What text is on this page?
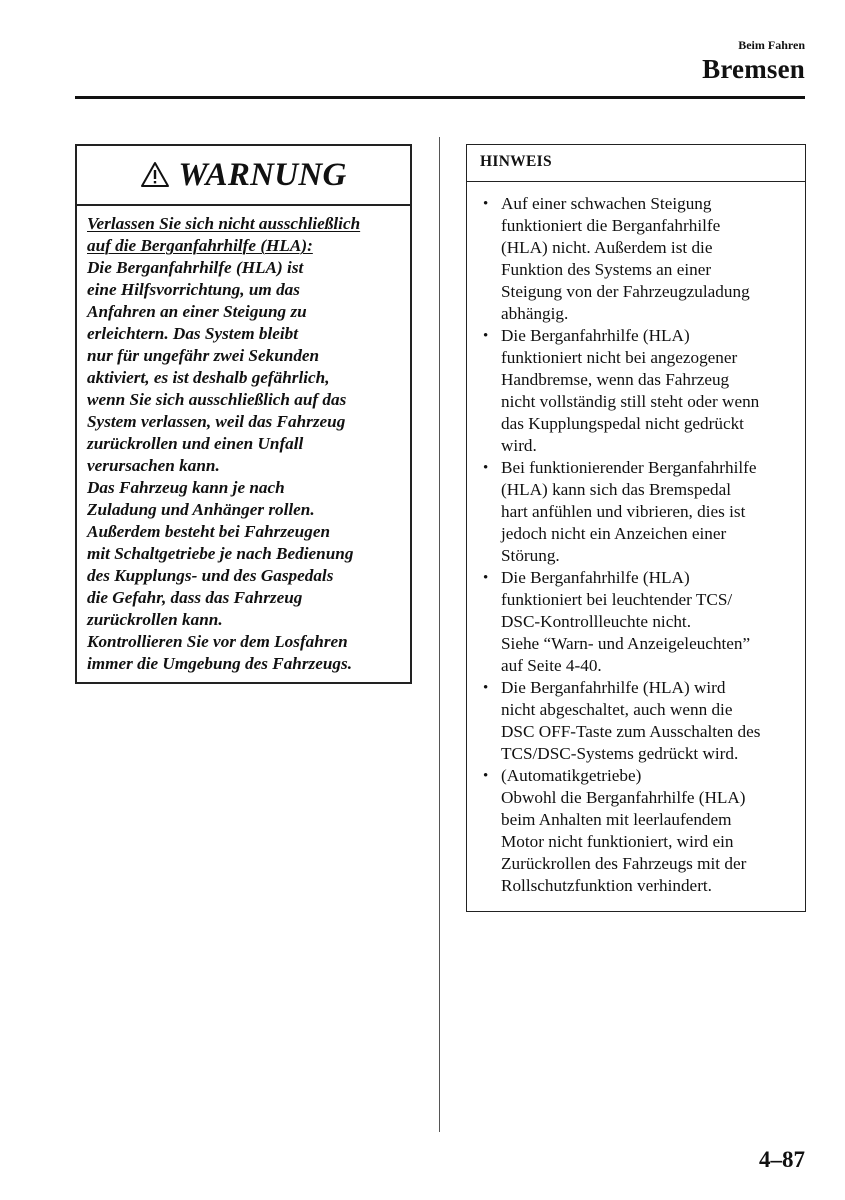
Beim Fahren
Bremsen
WARNUNG

Verlassen Sie sich nicht ausschließlich
auf die Berganfahrhilfe (HLA):

Die Berganfahrhilfe (HLA) ist
eine Hilfsvorrichtung, um das
Anfahren an einer Steigung zu
erleichtern. Das System bleibt
nur für ungefähr zwei Sekunden
aktiviert, es ist deshalb gefährlich,
wenn Sie sich ausschließlich auf das
System verlassen, weil das Fahrzeug
zurückrollen und einen Unfall
verursachen kann.
Das Fahrzeug kann je nach
Zuladung und Anhänger rollen.
Außerdem besteht bei Fahrzeugen
mit Schaltgetriebe je nach Bedienung
des Kupplungs- und des Gaspedals
die Gefahr, dass das Fahrzeug
zurückrollen kann.
Kontrollieren Sie vor dem Losfahren
immer die Umgebung des Fahrzeugs.

HINWEIS
• Auf einer schwachen Steigung
funktioniert die Berganfahrhilfe
(HLA) nicht. Außerdem ist die
Funktion des Systems an einer
Steigung von der Fahrzeugzuladung
abhängig.
• Die Berganfahrhilfe (HLA)
funktioniert nicht bei angezogener
Handbremse, wenn das Fahrzeug
nicht vollständig still steht oder wenn
das Kupplungspedal nicht gedrückt
wird.
• Bei funktionierender Berganfahrhilfe
(HLA) kann sich das Bremspedal
hart anfühlen und vibrieren, dies ist
jedoch nicht ein Anzeichen einer
Störung.
• Die Berganfahrhilfe (HLA)
funktioniert bei leuchtender TCS/
DSC-Kontrollleuchte nicht.
Siehe “Warn- und Anzeigeleuchten”
auf Seite 4-40.
• Die Berganfahrhilfe (HLA) wird
nicht abgeschaltet, auch wenn die
DSC OFF-Taste zum Ausschalten des
TCS/DSC-Systems gedrückt wird.
• (Automatikgetriebe)
Obwohl die Berganfahrhilfe (HLA)
beim Anhalten mit leerlaufendem
Motor nicht funktioniert, wird ein
Zurückrollen des Fahrzeugs mit der
Rollschutzfunktion verhindert.
4–87
